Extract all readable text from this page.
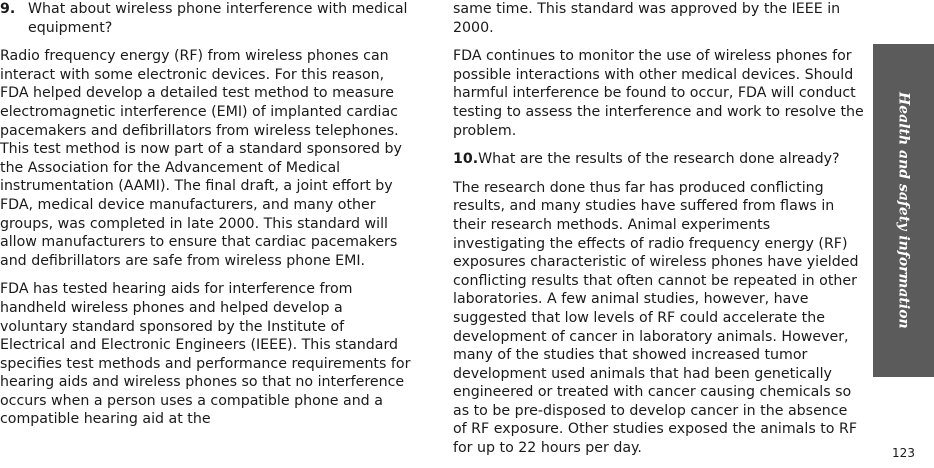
9. What about wireless phone interference with medical equipment?

Radio frequency energy (RF) from wireless phones can interact with some electronic devices. For this reason, FDA helped develop a detailed test method to measure electromagnetic interference (EMI) of implanted cardiac pacemakers and defibrillators from wireless telephones. This test method is now part of a standard sponsored by the Association for the Advancement of Medical instrumentation (AAMI). The final draft, a joint effort by FDA, medical device manufacturers, and many other groups, was completed in late 2000. This standard will allow manufacturers to ensure that cardiac pacemakers and defibrillators are safe from wireless phone EMI.

FDA has tested hearing aids for interference from handheld wireless phones and helped develop a voluntary standard sponsored by the Institute of Electrical and Electronic Engineers (IEEE). This standard specifies test methods and performance requirements for hearing aids and wireless phones so that no interference occurs when a person uses a compatible phone and a compatible hearing aid at the

same time. This standard was approved by the IEEE in 2000.

FDA continues to monitor the use of wireless phones for possible interactions with other medical devices. Should harmful interference be found to occur, FDA will conduct testing to assess the interference and work to resolve the problem.

10. What are the results of the research done already?

The research done thus far has produced conflicting results, and many studies have suffered from flaws in their research methods. Animal experiments investigating the effects of radio frequency energy (RF) exposures characteristic of wireless phones have yielded conflicting results that often cannot be repeated in other laboratories. A few animal studies, however, have suggested that low levels of RF could accelerate the development of cancer in laboratory animals. However, many of the studies that showed increased tumor development used animals that had been genetically engineered or treated with cancer causing chemicals so as to be pre-disposed to develop cancer in the absence of RF exposure. Other studies exposed the animals to RF for up to 22 hours per day.

Health and safety information
123
